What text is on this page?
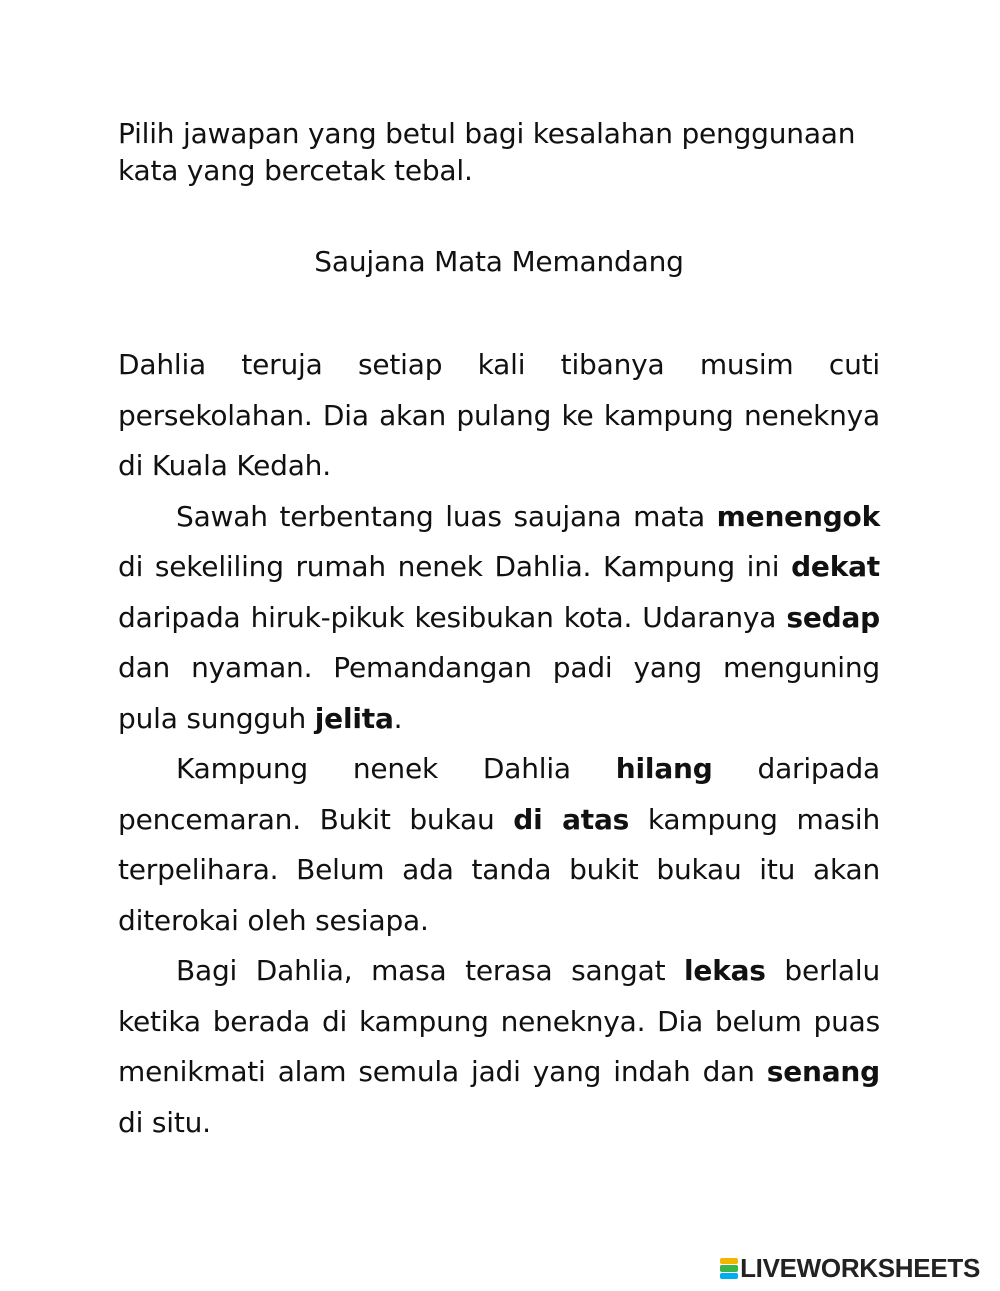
Pilih jawapan yang betul bagi kesalahan penggunaan kata yang bercetak tebal.

Saujana Mata Memandang

Dahlia teruja setiap kali tibanya musim cuti persekolahan. Dia akan pulang ke kampung neneknya di Kuala Kedah.

Sawah terbentang luas saujana mata menengok di sekeliling rumah nenek Dahlia. Kampung ini dekat daripada hiruk-pikuk kesibukan kota. Udaranya sedap dan nyaman. Pemandangan padi yang menguning pula sungguh jelita.

Kampung nenek Dahlia hilang daripada pencemaran. Bukit bukau di atas kampung masih terpelihara. Belum ada tanda bukit bukau itu akan diterokai oleh sesiapa.

Bagi Dahlia, masa terasa sangat lekas berlalu ketika berada di kampung neneknya. Dia belum puas menikmati alam semula jadi yang indah dan senang di situ.

LIVEWORKSHEETS
